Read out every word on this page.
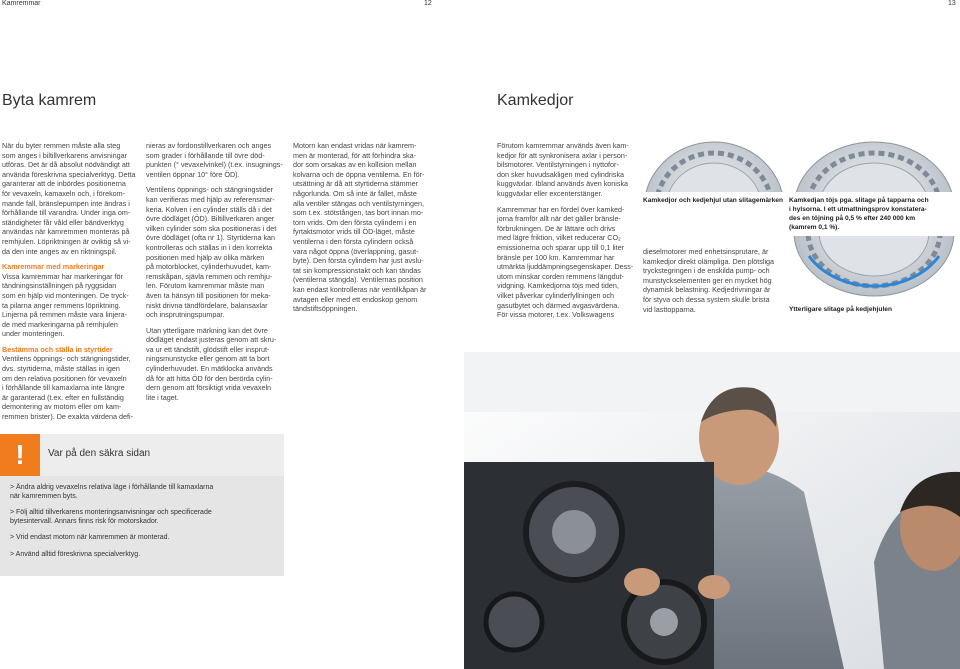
Kamremmar	12	13
Byta kamrem

När du byter remmen måste alla steg
som anges i biltillverkarens anvisningar
utföras. Det är då absolut nödvändigt att
använda föreskrivna specialverktyg. Detta
garanterar att de inbördes positionerna
för vevaxeln, kamaxeln och, i förekom-
mande fall, bränslepumpen inte ändras i
förhållande till varandra. Under inga om-
ständigheter får våld eller bändverktyg
användas när kamremmen monteras på
remhjulen. Löpriktningen är oviktig så vi-
da den inte anges av en riktningspil.

Kamremmar med markeringar

Vissa kamremmar har markeringar för
tändningsinställningen på ryggsidan
som en hjälp vid monteringen. De tryck-
ta pilarna anger remmens löpriktning.
Linjerna på remmen måste vara linjera-
de med markeringarna på remhjulen
under monteringen.

Bestämma och ställa in styrtider

Ventilens öppnings- och stängningstider,
dvs. styrtiderna, måste ställas in igen
om den relativa positionen för vevaxeln
i förhållande till kamaxlarna inte längre
är garanterad (t.ex. efter en fullständig
demontering av motorn eller om kam-
remmen brister). De exakta värdena defi-

nieras av fordonstillverkaren och anges
som grader i förhållande till övre död-
punkten (° vevaxelvinkel) (t.ex. insugnings-
ventilen öppnar 10° före ÖD).

Ventilens öppnings- och stängningstider
kan verifieras med hjälp av referensmar-
keria. Kolven i en cylinder ställs då i det
övre dödläget (ÖD). Biltillverkaren anger
vilken cylinder som ska positioneras i det
övre dödläget (ofta nr 1). Styrtiderna kan
kontrolleras och ställas in i den korrekta
positionen med hjälp av olika märken
på motorblocket, cylinderhuvudet, kam-
remskåpan, sjävla remmen och remhju-
len. Förutom kamremmar måste man
även ta hänsyn till positionen för meka-
niskt drivna tändfördelare, balansaxlar
och insprutningspumpar.

Utan ytterligare märkning kan det övre
dödläget endast justeras genom att skru-
va ur ett tändstift, glödstift eller insprut-
ningsmunstycke eller genom att ta bort
cylinderhuvudet. En mätklocka används
då för att hitta ÖD för den berörda cylin-
dern genom att försiktigt vrida vevaxeln
lite i taget.

Motorn kan endast vridas när kamrem-
men är monterad, för att förhindra ska-
dor som orsakas av en kollision mellan
kolvarna och de öppna ventilerna. En för-
utsättning är då att styrtiderna stämmer
någorlunda. Om så inte är fallet, måste
alla ventiler stängas och ventilstyrningen,
som t.ex. stötstången, tas bort innan mo-
torn vrids. Om den första cylindern i en
fyrtaktsmotor vrids till ÖD-läget, måste
ventilerna i den första cylindern också
vara något öppna (överlappning, gasut-
byte). Den första cylindern har just avslu-
tat sin kompressionstakt och kan tändas
(ventilerna stängda). Ventilernas position
kan endast kontrolleras när ventilkåpan är
avtagen eller med ett endoskop genom
tändstiftsöppningen.

!	Var på den säkra sidan
> Ändra aldrig vevaxelns relativa läge i förhållande till kamaxlarna
när kamremmen byts.
> Följ alltid tillverkarens monteringsanvisningar och specificerade
bytesintervall. Annars finns risk för motorskador.
> Vrid endast motorn när kamremmen är monterad.
> Använd alltid föreskrivna specialverktyg.
Kamkedjor

Förutom kamremmar används även kam-
kedjor för att synkronisera axlar i person-
bilsmotorer. Ventilstyrningen i nyttofor-
don sker huvudsakligen med cylindriska
kuggväxlar. Ibland används även koniska
kuggväxlar eller excenterstänger.

Kamremmar har en fördel över kamked-
jorna framför allt när det gäller bränsle-
förbrukningen. De är lättare och drivs
med lägre friktion, vilket reducerar CO₂
emissionerna och sparar upp till 0,1 liter
bränsle per 100 km. Kamremmar har
utmärkta ljuddämpningsegenskaper. Dess-
utom minskar corden remmens längdut-
vidgning. Kamkedjorna töjs med tiden,
vilket påverkar cylinderfyllningen och
gasutbytet och därmed avgasvärdena.
För vissa motorer, t.ex. Volkswagens

dieselmotorer med enhetsinsprutare, är
kamkedjor direkt olämpliga. Den plötsliga
tryckstegringen i de enskilda pump- och
munstyckselementen ger en mycket hög
dynamisk belastning. Kedjedrivningar är
för styva och dessa system skulle brista
vid lasttopparna.

Kamkedjor och kedjehjul utan slitagemärken Kamkedjan töjs pga. slitage på tapparna och
i hylsorna. I ett utmattningsprov konstatera-
des en töjning på 0,5 % efter 240 000 km
(kamrem 0,1 %).
Ytterligare slitage på kedjehjulen
